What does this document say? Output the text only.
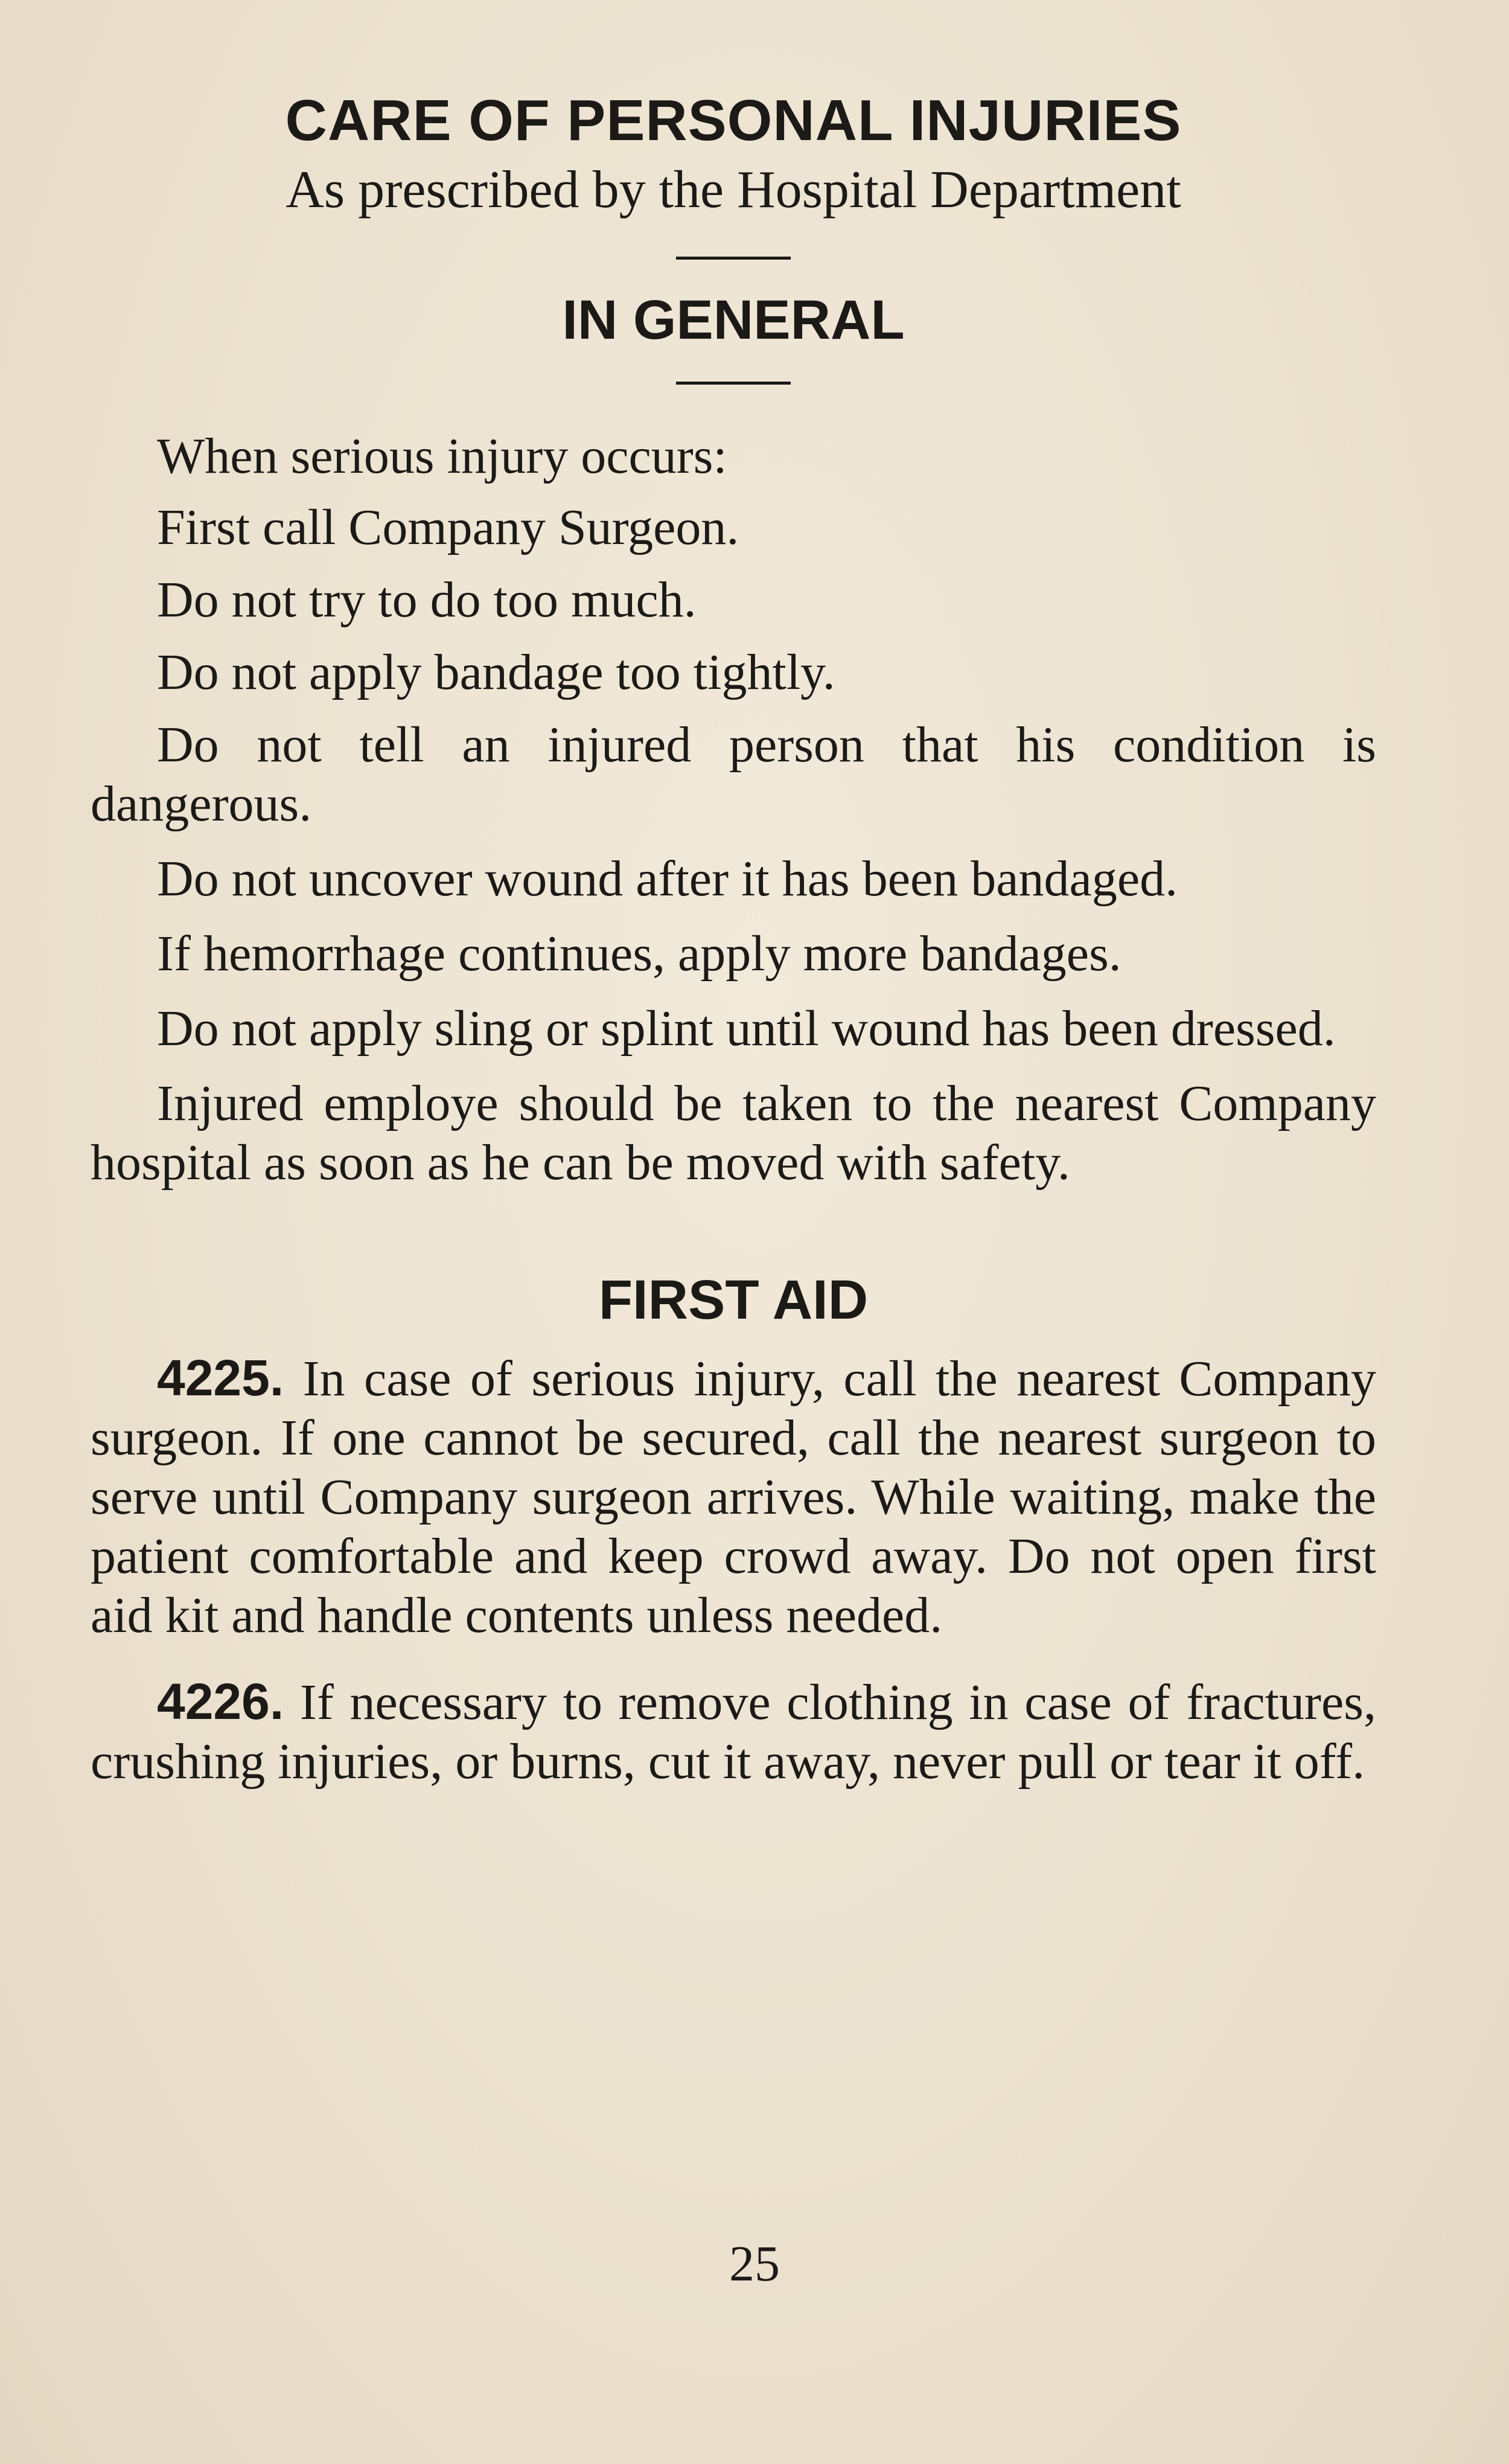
CARE OF PERSONAL INJURIES

As prescribed by the Hospital Department

IN GENERAL

When serious injury occurs:

First call Company Surgeon.

Do not try to do too much.

Do not apply bandage too tightly.

Do not tell an injured person that his condition is dangerous.

Do not uncover wound after it has been bandaged.

If hemorrhage continues, apply more bandages.

Do not apply sling or splint until wound has been dressed.

Injured employe should be taken to the nearest Company hospital as soon as he can be moved with safety.

FIRST AID

4225. In case of serious injury, call the nearest Company surgeon. If one cannot be secured, call the nearest surgeon to serve until Company surgeon arrives. While waiting, make the patient comfortable and keep crowd away. Do not open first aid kit and handle contents unless needed.

4226. If necessary to remove clothing in case of fractures, crushing injuries, or burns, cut it away, never pull or tear it off.

25
